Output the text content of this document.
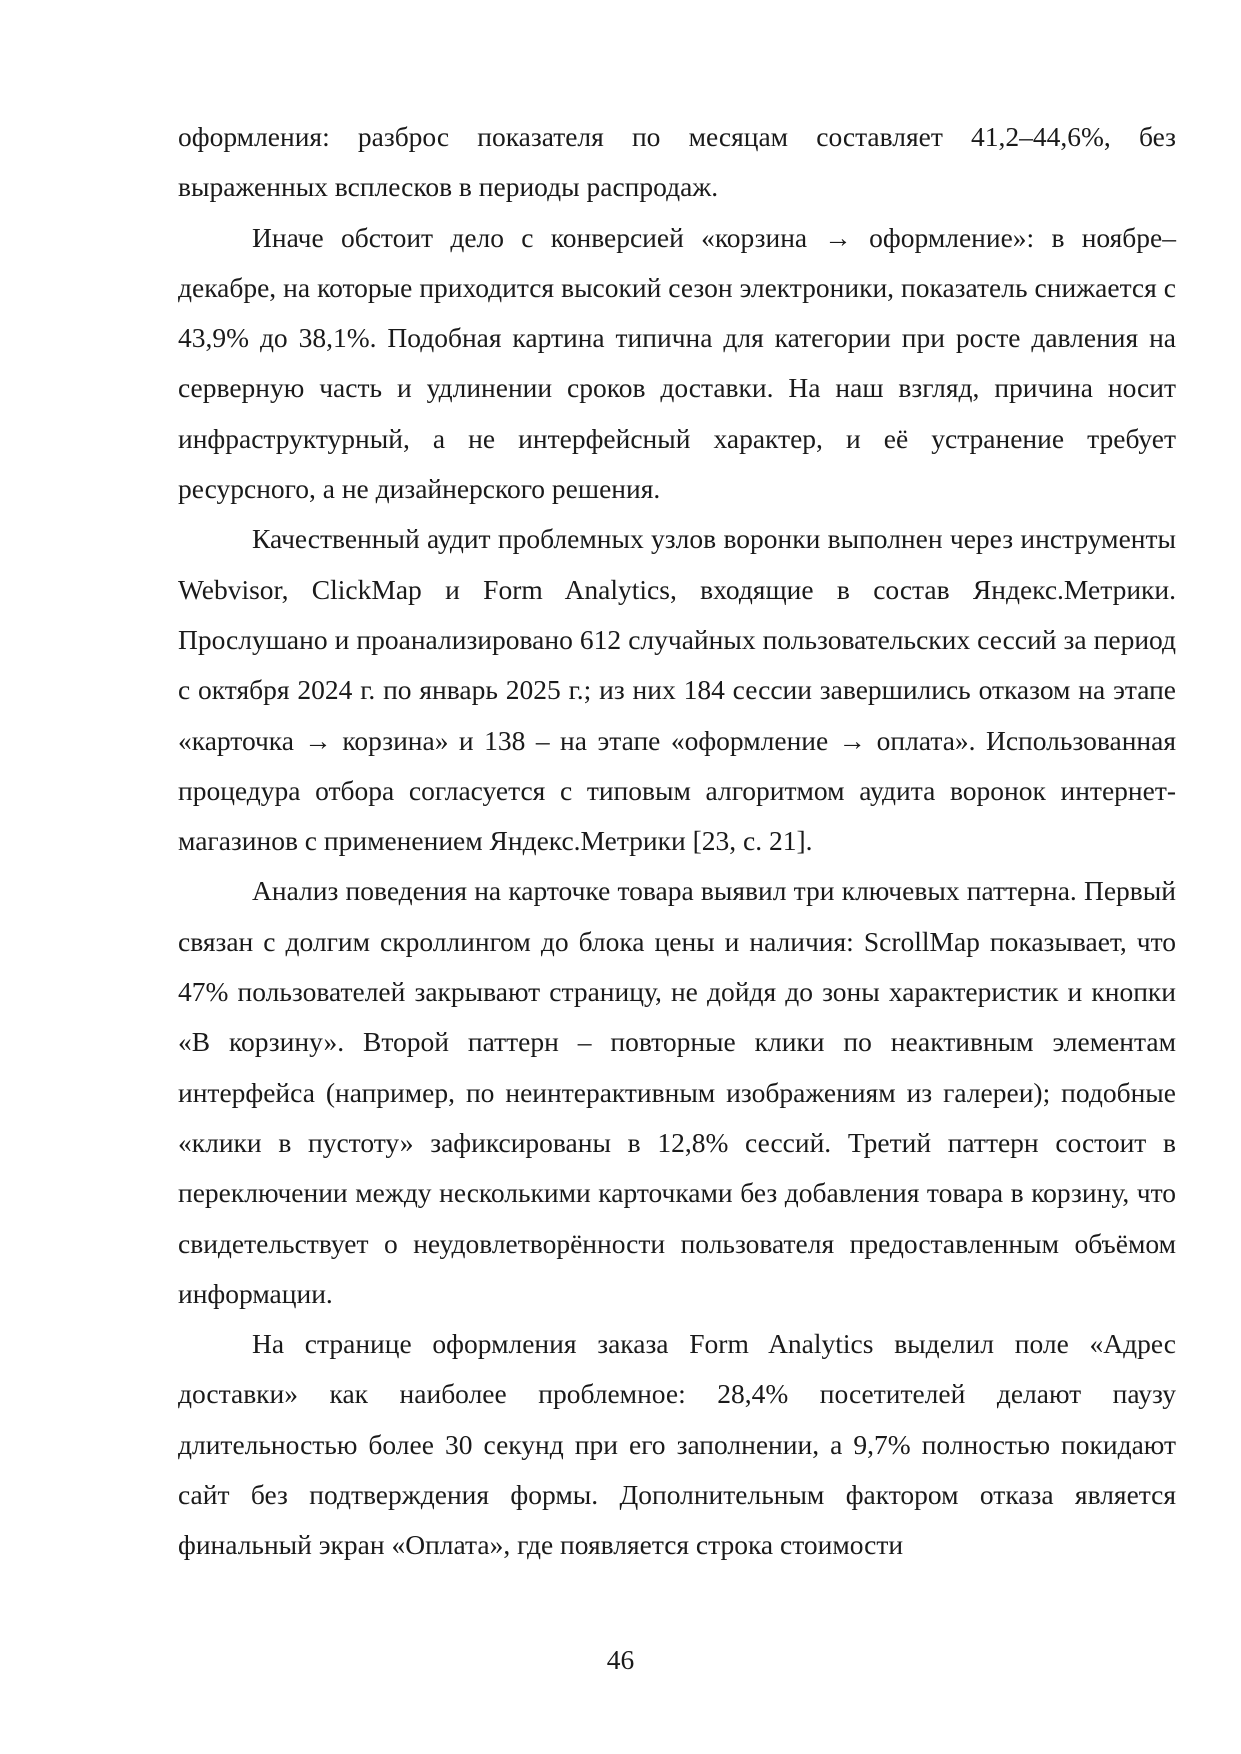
оформления: разброс показателя по месяцам составляет 41,2–44,6%, без выраженных всплесков в периоды распродаж.

Иначе обстоит дело с конверсией «корзина → оформление»: в ноябре–декабре, на которые приходится высокий сезон электроники, показатель снижается с 43,9% до 38,1%. Подобная картина типична для категории при росте давления на серверную часть и удлинении сроков доставки. На наш взгляд, причина носит инфраструктурный, а не интерфейсный характер, и её устранение требует ресурсного, а не дизайнерского решения.

Качественный аудит проблемных узлов воронки выполнен через инструменты Webvisor, ClickMap и Form Analytics, входящие в состав Яндекс.Метрики. Прослушано и проанализировано 612 случайных пользовательских сессий за период с октября 2024 г. по январь 2025 г.; из них 184 сессии завершились отказом на этапе «карточка → корзина» и 138 – на этапе «оформление → оплата». Использованная процедура отбора согласуется с типовым алгоритмом аудита воронок интернет-магазинов с применением Яндекс.Метрики [23, с. 21].

Анализ поведения на карточке товара выявил три ключевых паттерна. Первый связан с долгим скроллингом до блока цены и наличия: ScrollMap показывает, что 47% пользователей закрывают страницу, не дойдя до зоны характеристик и кнопки «В корзину». Второй паттерн – повторные клики по неактивным элементам интерфейса (например, по неинтерактивным изображениям из галереи); подобные «клики в пустоту» зафиксированы в 12,8% сессий. Третий паттерн состоит в переключении между несколькими карточками без добавления товара в корзину, что свидетельствует о неудовлетворённости пользователя предоставленным объёмом информации.

На странице оформления заказа Form Analytics выделил поле «Адрес доставки» как наиболее проблемное: 28,4% посетителей делают паузу длительностью более 30 секунд при его заполнении, а 9,7% полностью покидают сайт без подтверждения формы. Дополнительным фактором отказа является финальный экран «Оплата», где появляется строка стоимости

46
